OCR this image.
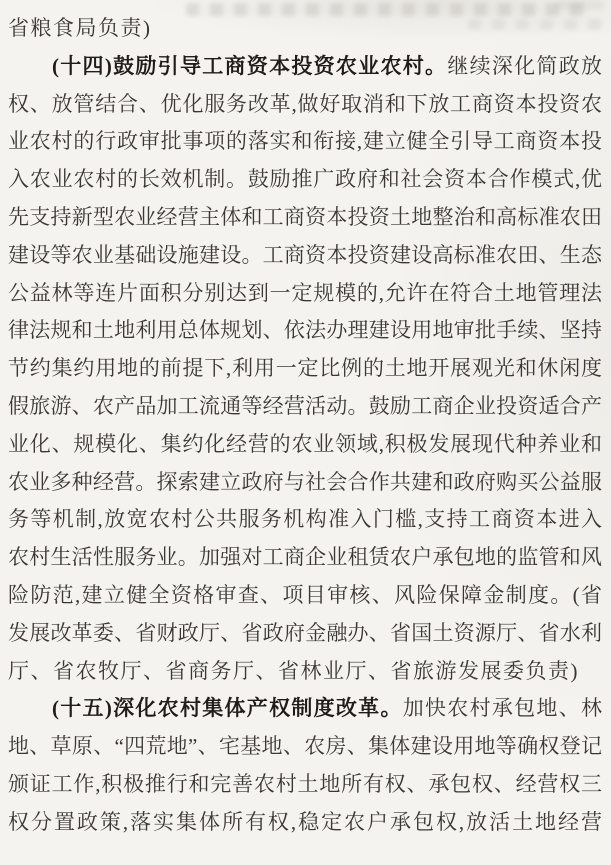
省粮食局负责)
(十四)鼓励引导工商资本投资农业农村。继续深化简政放
权、放管结合、优化服务改革,做好取消和下放工商资本投资农
业农村的行政审批事项的落实和衔接,建立健全引导工商资本投
入农业农村的长效机制。鼓励推广政府和社会资本合作模式,优
先支持新型农业经营主体和工商资本投资土地整治和高标准农田
建设等农业基础设施建设。工商资本投资建设高标准农田、生态
公益林等连片面积分别达到一定规模的,允许在符合土地管理法
律法规和土地利用总体规划、依法办理建设用地审批手续、坚持
节约集约用地的前提下,利用一定比例的土地开展观光和休闲度
假旅游、农产品加工流通等经营活动。鼓励工商企业投资适合产
业化、规模化、集约化经营的农业领域,积极发展现代种养业和
农业多种经营。探索建立政府与社会合作共建和政府购买公益服
务等机制,放宽农村公共服务机构准入门槛,支持工商资本进入
农村生活性服务业。加强对工商企业租赁农户承包地的监管和风
险防范,建立健全资格审查、项目审核、风险保障金制度。(省
发展改革委、省财政厅、省政府金融办、省国土资源厅、省水利
厅、省农牧厅、省商务厅、省林业厅、省旅游发展委负责)
(十五)深化农村集体产权制度改革。加快农村承包地、林
地、草原、“四荒地”、宅基地、农房、集体建设用地等确权登记
颁证工作,积极推行和完善农村土地所有权、承包权、经营权三
权分置政策,落实集体所有权,稳定农户承包权,放活土地经营
